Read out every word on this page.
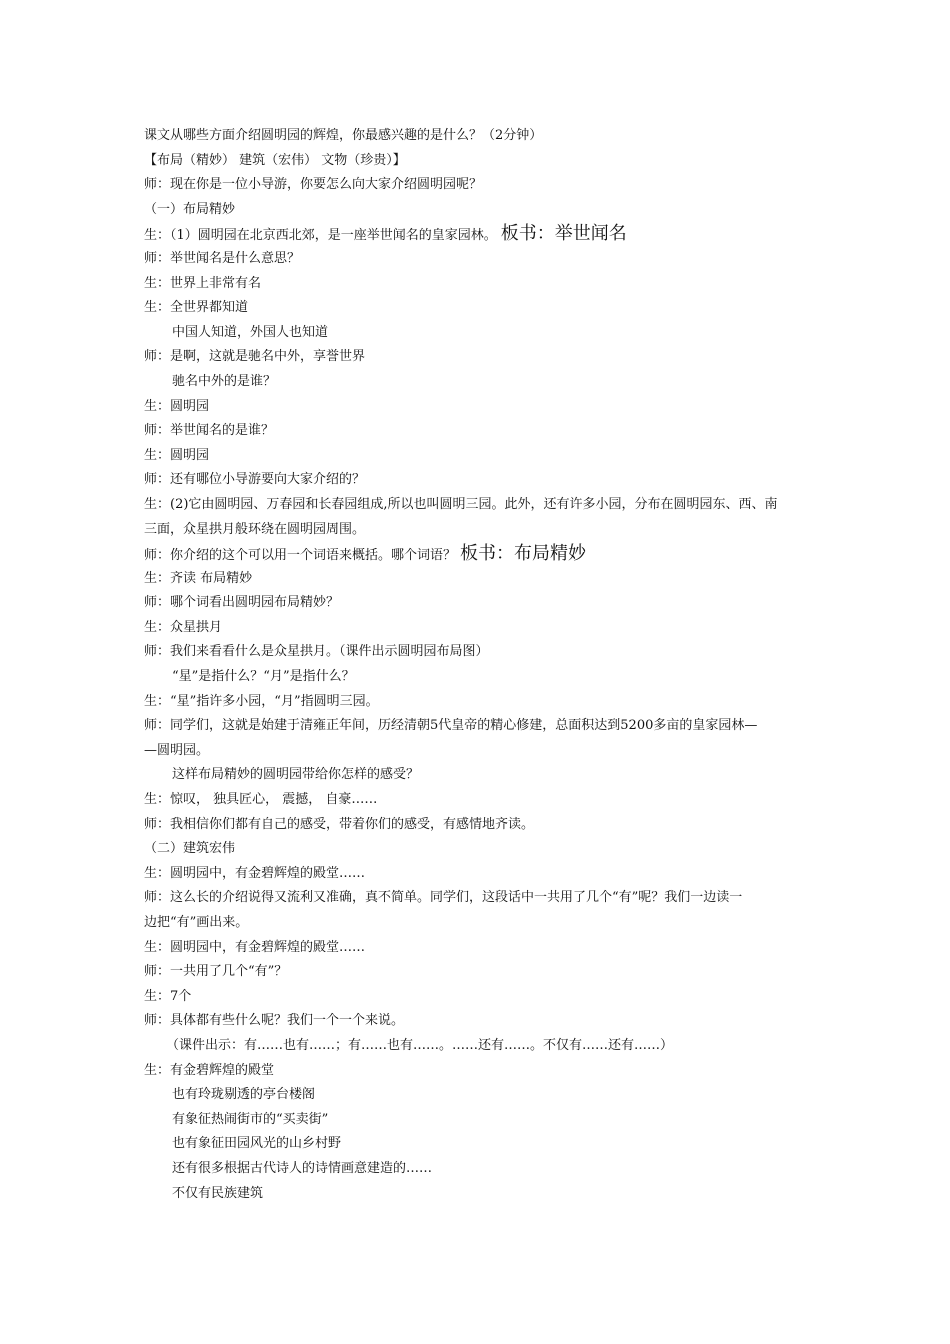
课文从哪些方面介绍圆明园的辉煌，你最感兴趣的是什么？（2分钟）
【布局（精妙） 建筑（宏伟） 文物（珍贵）】
师：现在你是一位小导游，你要怎么向大家介绍圆明园呢？
（一）布局精妙
生：（1）圆明园在北京西北郊，是一座举世闻名的皇家园林。 板书：举世闻名
师：举世闻名是什么意思？
生：世界上非常有名
生：全世界都知道
中国人知道，外国人也知道
师：是啊，这就是驰名中外，享誉世界
驰名中外的是谁？
生：圆明园
师：举世闻名的是谁？
生：圆明园
师：还有哪位小导游要向大家介绍的？
生：(2)它由圆明园、万春园和长春园组成,所以也叫圆明三园。此外，还有许多小园，分布在圆明园东、西、南
三面，众星拱月般环绕在圆明园周围。
师：你介绍的这个可以用一个词语来概括。哪个词语？ 板书：布局精妙
生：齐读 布局精妙
师：哪个词看出圆明园布局精妙？
生：众星拱月
师：我们来看看什么是众星拱月。（课件出示圆明园布局图）
“星”是指什么？“月”是指什么？
生：“星”指许多小园，“月”指圆明三园。
师：同学们，这就是始建于清雍正年间，历经清朝5代皇帝的精心修建，总面积达到5200多亩的皇家园林—
—圆明园。
这样布局精妙的圆明园带给你怎样的感受？
生：惊叹， 独具匠心， 震撼， 自豪……
师：我相信你们都有自己的感受，带着你们的感受，有感情地齐读。
（二）建筑宏伟
生：圆明园中，有金碧辉煌的殿堂……
师：这么长的介绍说得又流利又准确，真不简单。同学们，这段话中一共用了几个“有”呢？我们一边读一
边把“有”画出来。
生：圆明园中，有金碧辉煌的殿堂……
师：一共用了几个“有”？
生：7个
师：具体都有些什么呢？我们一个一个来说。
（课件出示：有……也有……；有……也有……。……还有……。不仅有……还有……）
生：有金碧辉煌的殿堂
也有玲珑剔透的亭台楼阁
有象征热闹街市的“买卖街”
也有象征田园风光的山乡村野
还有很多根据古代诗人的诗情画意建造的……
不仅有民族建筑
